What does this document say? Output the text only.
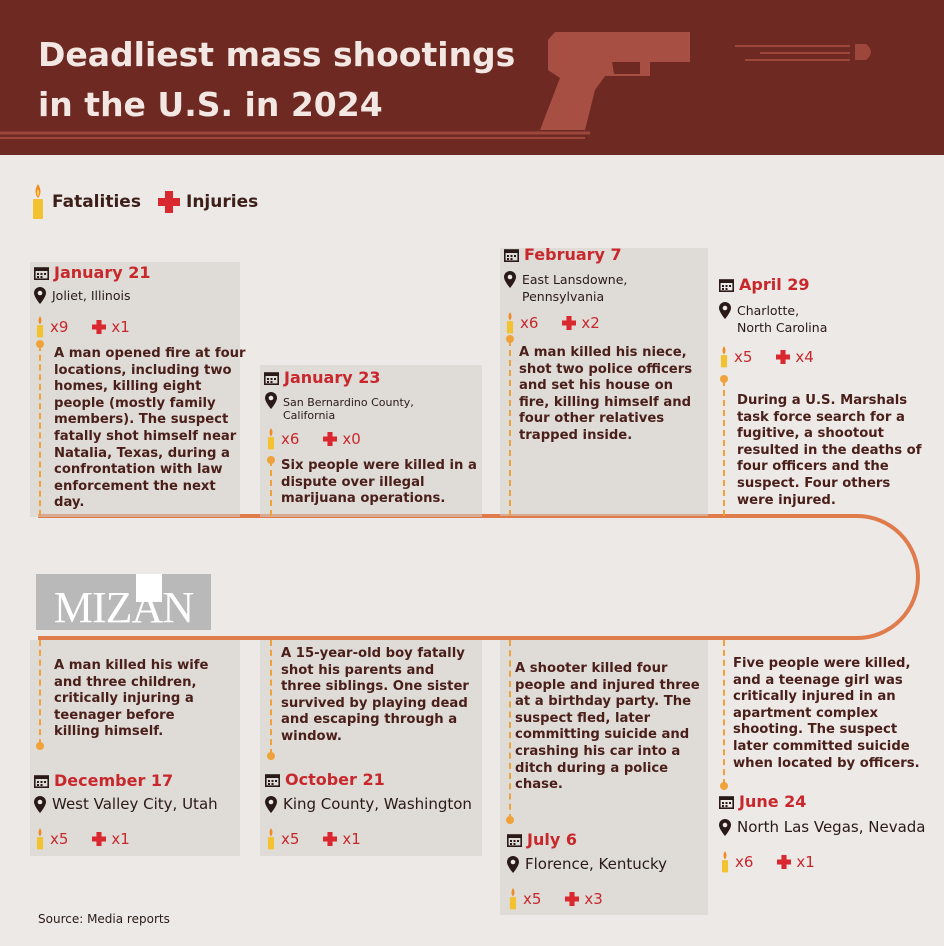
Deadliest mass shootings
in the U.S. in 2024
Fatalities	Injuries
January 21
Joliet, Illinois
x9	x1
A man opened fire at four
locations, including two
homes, killing eight
people (mostly family
members). The suspect
fatally shot himself near
Natalia, Texas, during a
confrontation with law
enforcement the next
day.
January 23
San Bernardino County,
California
x6	x0
Six people were killed in a
dispute over illegal
marijuana operations.
February 7
East Lansdowne,
Pennsylvania
x6	x2
A man killed his niece,
shot two police officers
and set his house on
fire, killing himself and
four other relatives
trapped inside.
April 29
Charlotte,
North Carolina
x5	x4
During a U.S. Marshals
task force search for a
fugitive, a shootout
resulted in the deaths of
four officers and the
suspect. Four others
were injured.
MIZAN
A man killed his wife
and three children,
critically injuring a
teenager before
killing himself.
December 17
West Valley City, Utah
x5	x1
A 15-year-old boy fatally
shot his parents and
three siblings. One sister
survived by playing dead
and escaping through a
window.
October 21
King County, Washington
x5	x1
A shooter killed four
people and injured three
at a birthday party. The
suspect fled, later
committing suicide and
crashing his car into a
ditch during a police
chase.
July 6
Florence, Kentucky
x5	x3
Five people were killed,
and a teenage girl was
critically injured in an
apartment complex
shooting. The suspect
later committed suicide
when located by officers.
June 24
North Las Vegas, Nevada
x6	x1
Source: Media reports
